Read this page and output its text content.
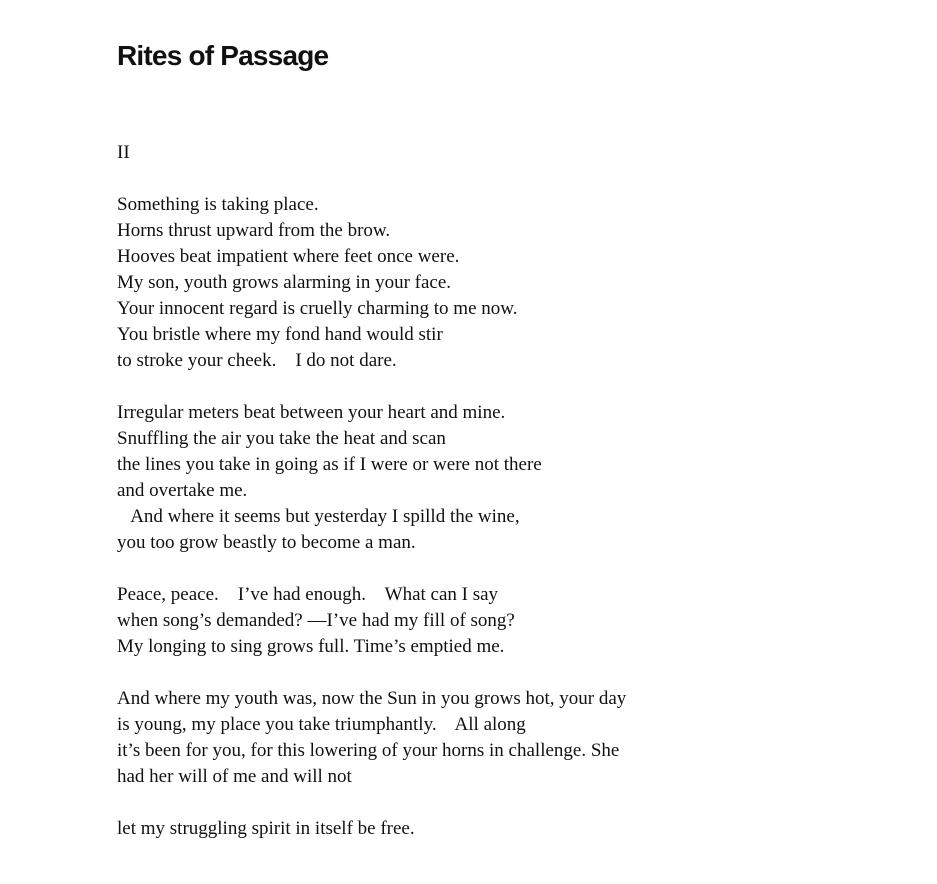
Rites of Passage
II
Something is taking place.
Horns thrust upward from the brow.
Hooves beat impatient where feet once were.
My son, youth grows alarming in your face.
Your innocent regard is cruelly charming to me now.
You bristle where my fond hand would stir
to stroke your cheek.    I do not dare.
Irregular meters beat between your heart and mine.
Snuffling the air you take the heat and scan
the lines you take in going as if I were or were not there
and overtake me.
And where it seems but yesterday I spilld the wine,
you too grow beastly to become a man.
Peace, peace.    I’ve had enough.    What can I say
when song’s demanded? —I’ve had my fill of song?
My longing to sing grows full. Time’s emptied me.
And where my youth was, now the Sun in you grows hot, your day
is young, my place you take triumphantly.    All along
it’s been for you, for this lowering of your horns in challenge. She
had her will of me and will not
let my struggling spirit in itself be free.
